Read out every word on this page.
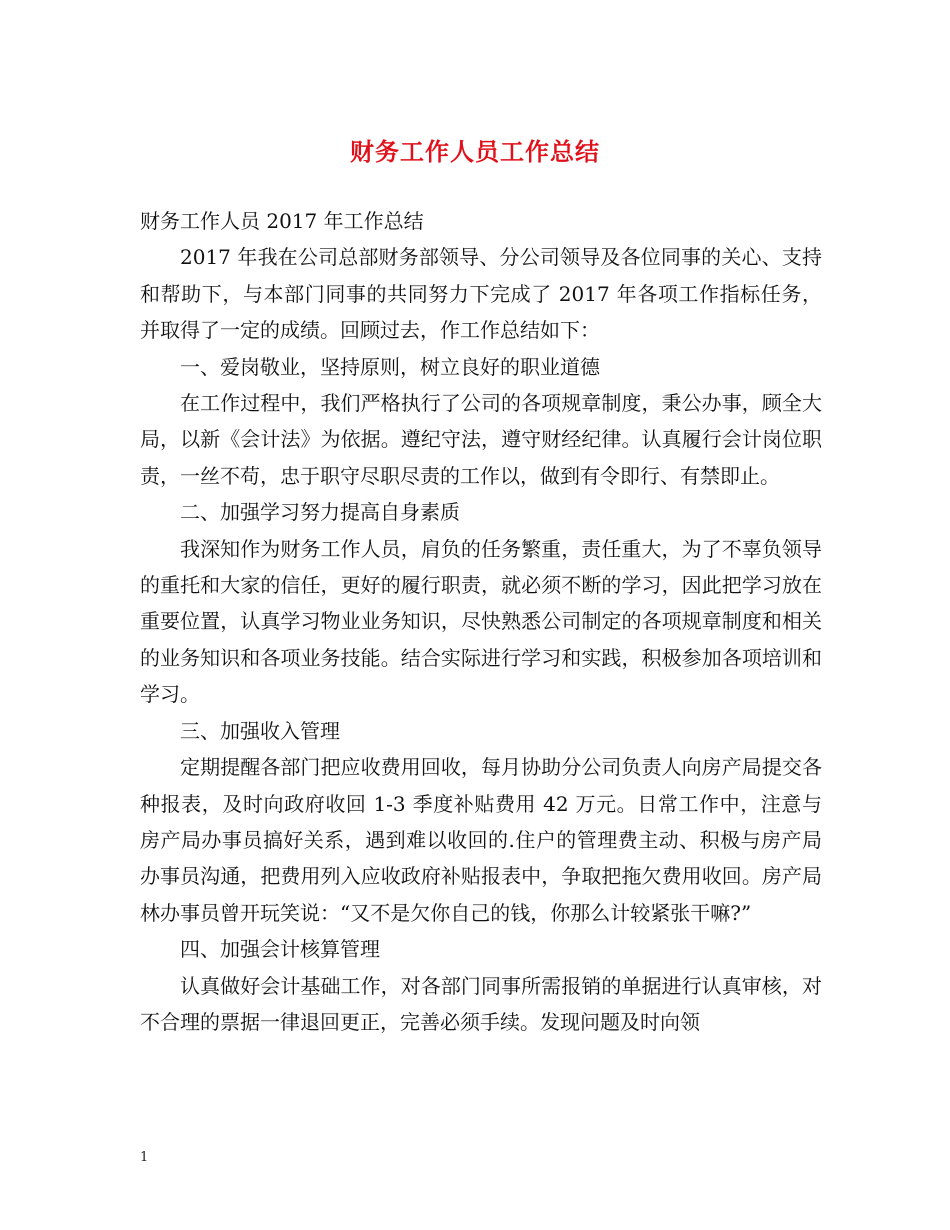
财务工作人员工作总结

财务工作人员 2017 年工作总结

2017 年我在公司总部财务部领导、分公司领导及各位同事的关心、支持和帮助下，与本部门同事的共同努力下完成了 2017 年各项工作指标任务，并取得了一定的成绩。回顾过去，作工作总结如下：

一、爱岗敬业，坚持原则，树立良好的职业道德

在工作过程中，我们严格执行了公司的各项规章制度，秉公办事，顾全大局，以新《会计法》为依据。遵纪守法，遵守财经纪律。认真履行会计岗位职责，一丝不苟，忠于职守尽职尽责的工作以，做到有令即行、有禁即止。

二、加强学习努力提高自身素质

我深知作为财务工作人员，肩负的任务繁重，责任重大，为了不辜负领导的重托和大家的信任，更好的履行职责，就必须不断的学习，因此把学习放在重要位置，认真学习物业业务知识，尽快熟悉公司制定的各项规章制度和相关的业务知识和各项业务技能。结合实际进行学习和实践，积极参加各项培训和学习。

三、加强收入管理

定期提醒各部门把应收费用回收，每月协助分公司负责人向房产局提交各种报表，及时向政府收回 1-3 季度补贴费用 42 万元。日常工作中，注意与房产局办事员搞好关系，遇到难以收回的.住户的管理费主动、积极与房产局办事员沟通，把费用列入应收政府补贴报表中，争取把拖欠费用收回。房产局林办事员曾开玩笑说：“又不是欠你自己的钱，你那么计较紧张干嘛?”

四、加强会计核算管理

认真做好会计基础工作，对各部门同事所需报销的单据进行认真审核，对不合理的票据一律退回更正，完善必须手续。发现问题及时向领

1
